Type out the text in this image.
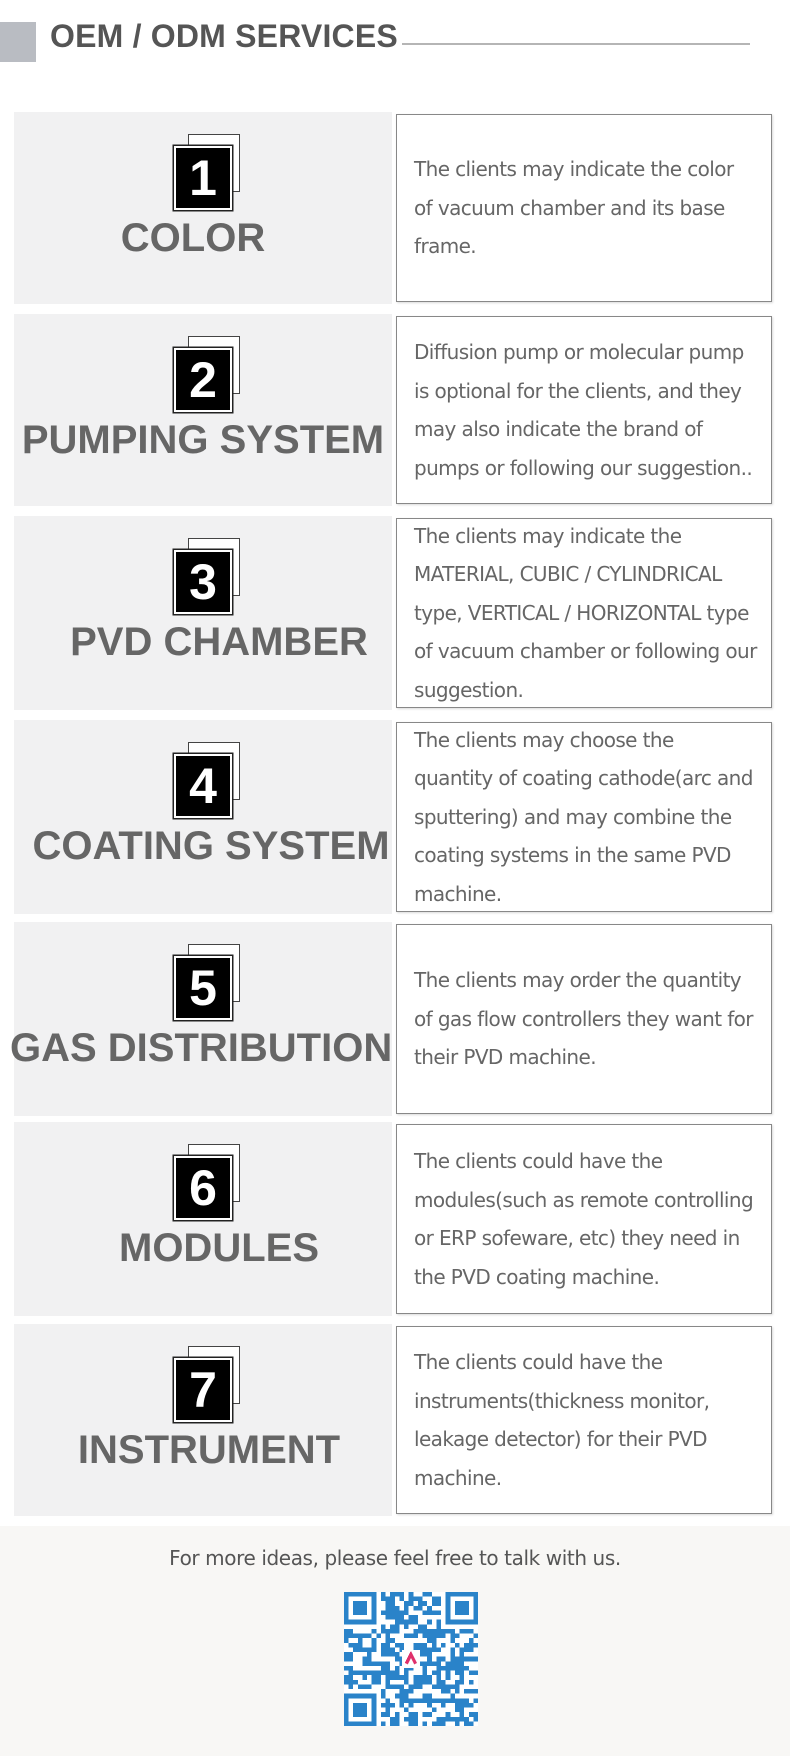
OEM / ODM SERVICES
1
COLOR
The clients may indicate the color of vacuum chamber and its base frame.
2
PUMPING SYSTEM
Diffusion pump or molecular pump is optional for the clients, and they may also indicate the brand of pumps or following our suggestion..
3
PVD CHAMBER
The clients may indicate the MATERIAL, CUBIC / CYLINDRICAL type, VERTICAL / HORIZONTAL type of vacuum chamber or following our suggestion.
4
COATING SYSTEM
The clients may choose the quantity of coating cathode(arc and sputtering) and may combine the coating systems in the same PVD machine.
5
GAS DISTRIBUTION
The clients may order the quantity of gas flow controllers they want for their PVD machine.
6
MODULES
The clients could have the modules(such as remote controlling or ERP sofeware, etc) they need in the PVD coating machine.
7
INSTRUMENT
The clients could have the instruments(thickness monitor, leakage detector) for their PVD machine.
For more ideas, please feel free to talk with us.
